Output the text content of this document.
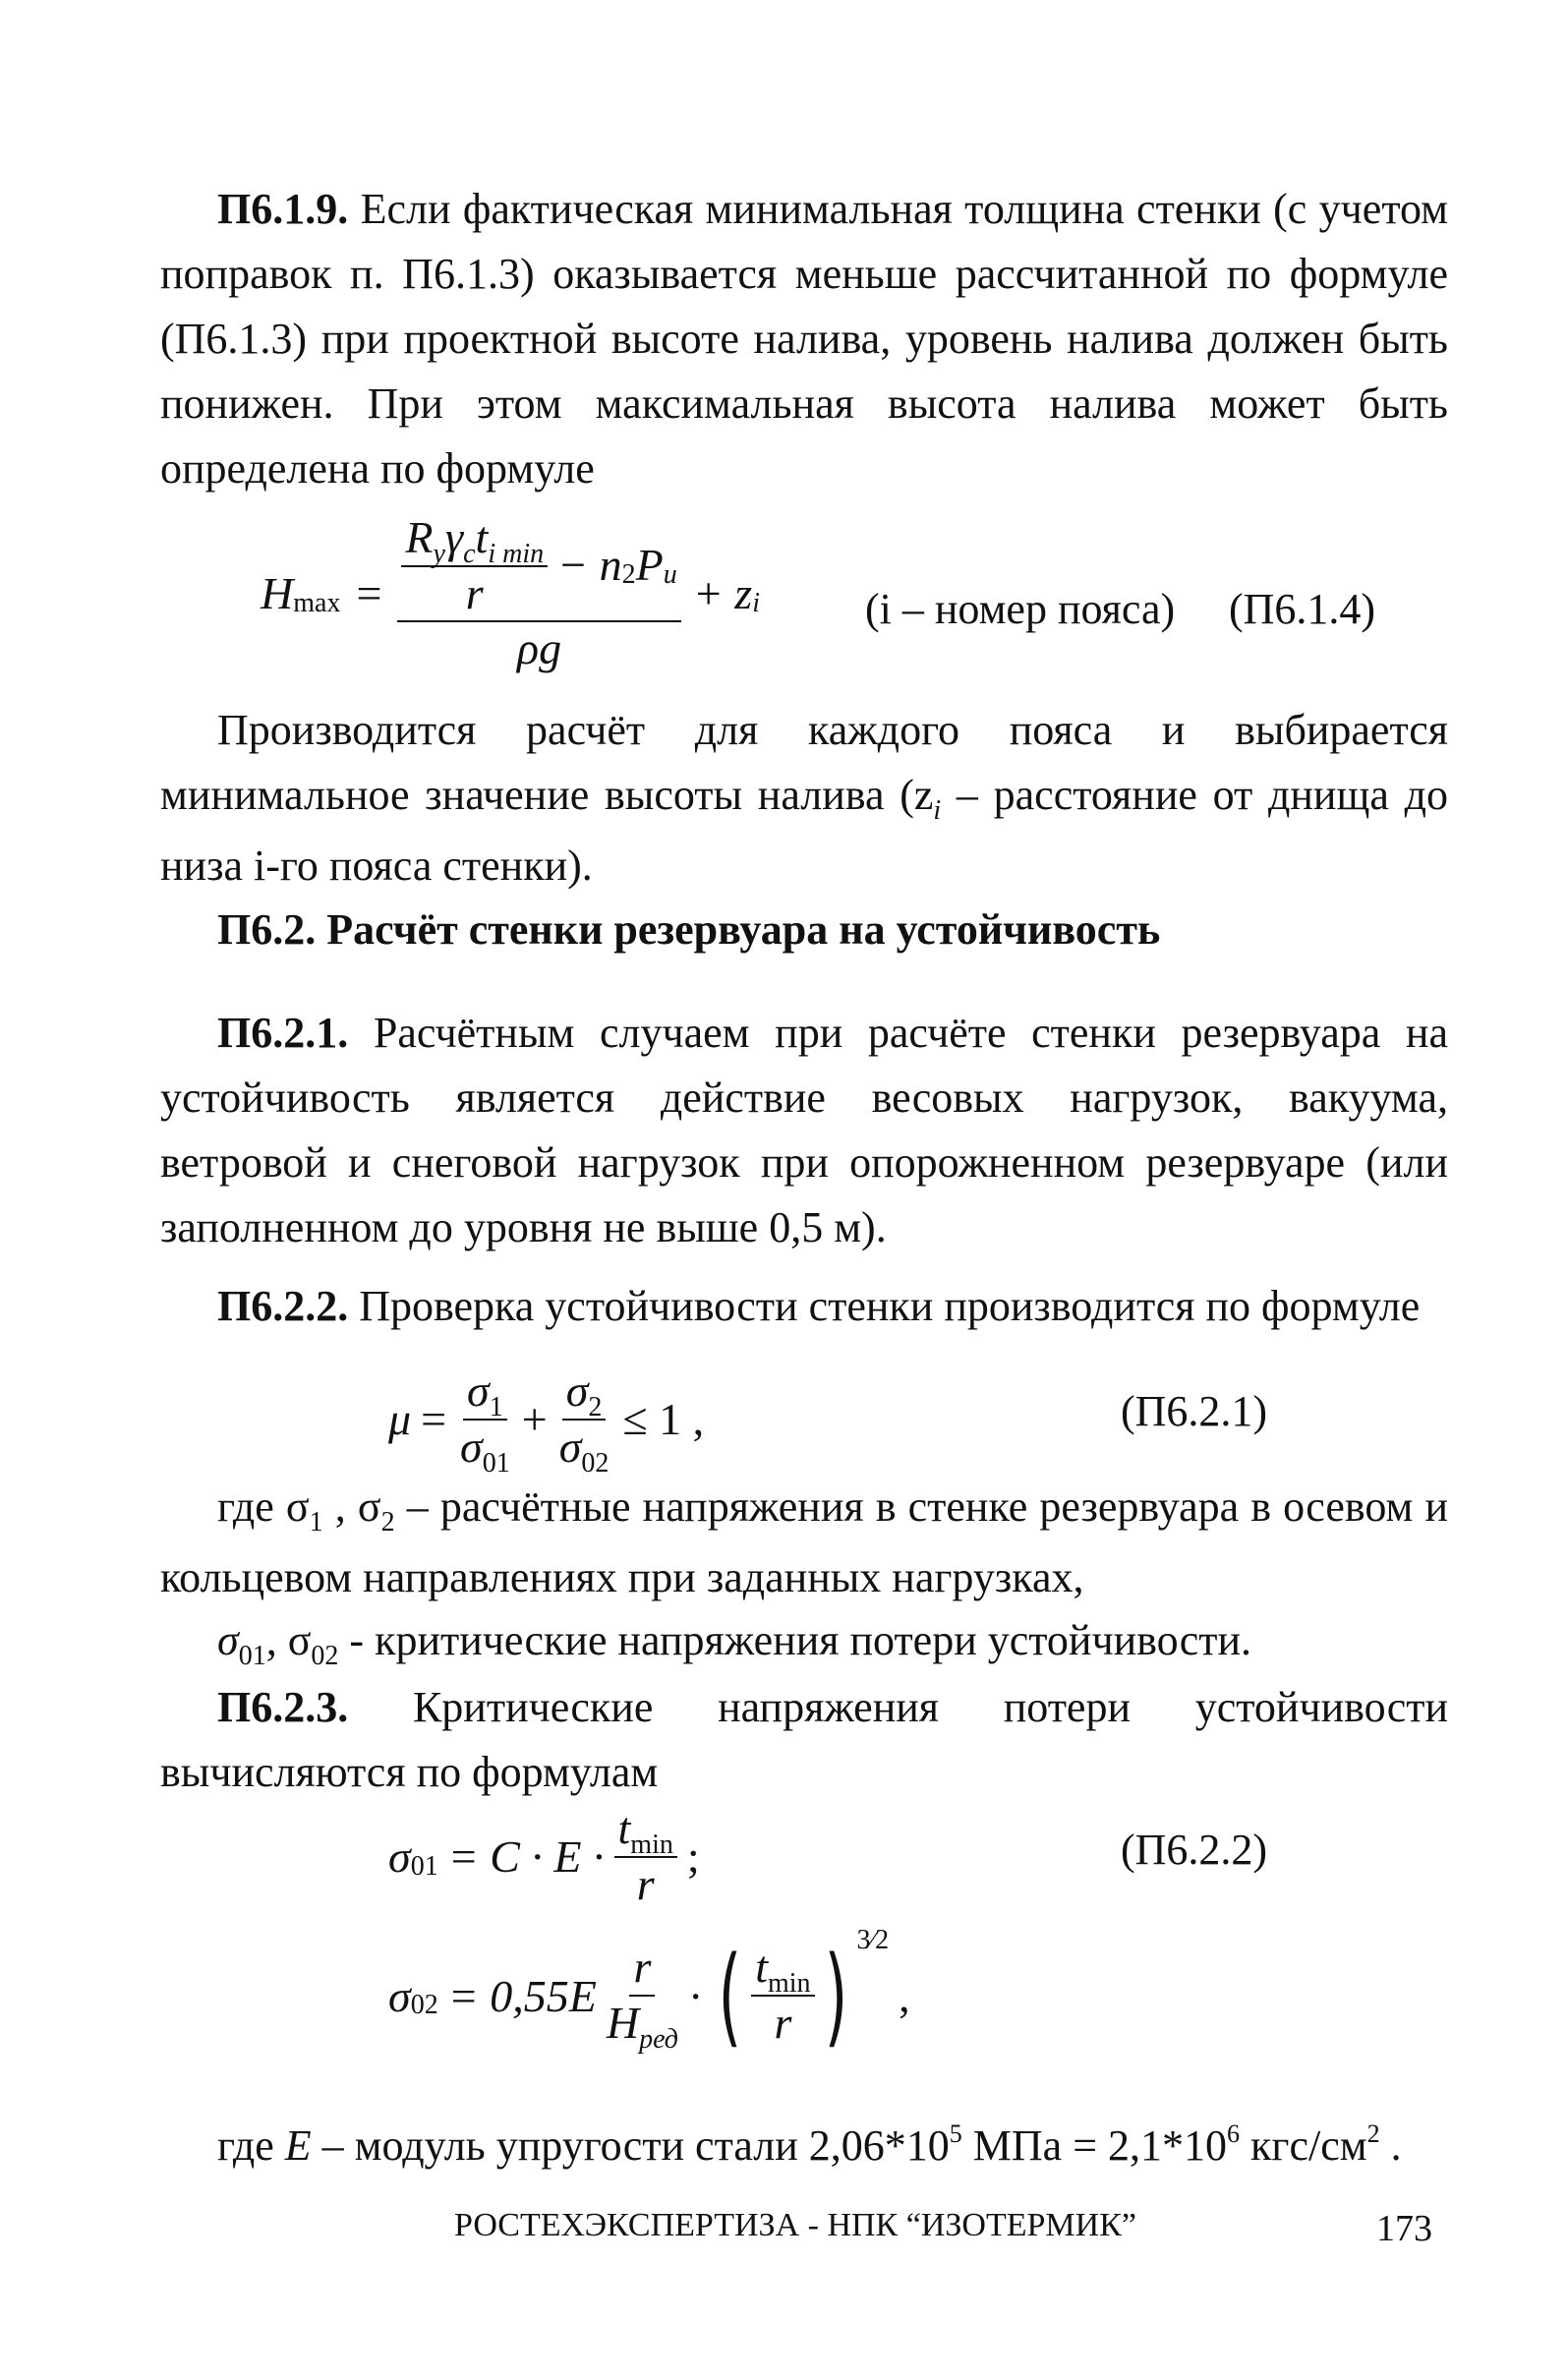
П6.1.9. Если фактическая минимальная толщина стенки (с учетом поправок п. П6.1.3) оказывается меньше рассчитанной по формуле (П6.1.3) при проектной высоте налива, уровень налива должен быть понижен. При этом максимальная высота налива может быть определена по формуле

H $\max = \frac{\frac{R_y\gamma_ct_{i min}}{r} - n 2 P u}{\rho g} + z$ i (i – номер пояса) (П6.1.4)

Производится расчёт для каждого пояса и выбирается минимальное значение высоты налива ($z_i$ – расстояние от днища до низа i-го пояса стенки).

П6.2. Расчёт стенки резервуара на устойчивость

П6.2.1. Расчётным случаем при расчёте стенки резервуара на устойчивость является действие весовых нагрузок, вакуума, ветровой и снеговой нагрузок при опорожненном резервуаре (или заполненном до уровня не выше 0,5 м).

П6.2.2. Проверка устойчивости стенки производится по формуле

$\mu = \frac{\sigma_1}{\sigma_{01}} + \frac{\sigma_2}{\sigma_{02}} \le 1$ ,	(П6.2.1)

где $\sigma_1$ , $\sigma_2$ – расчётные напряжения в стенке резервуара в осевом и кольцевом направлениях при заданных нагрузках,

$\sigma_{01}$, $\sigma_{02}$ - критические напряжения потери устойчивости.

П6.2.3. Критические напряжения потери устойчивости вычисляются по формулам

σ $01 = C \cdot E \cdot \frac{t_{min}}{r}$ ;	(П6.2.2)
σ $02 = 0,55E \frac{r}{H_{ред}}$ · ( $\frac{t_{min}}{r}$ ) 3⁄2
,

где E – модуль упругости стали $2,06*10^5$ МПа = $2,1*10^6$ кгс/$см^2$ .

РОСТЕХЭКСПЕРТИЗА - НПК “ИЗОТЕРМИК”	173
